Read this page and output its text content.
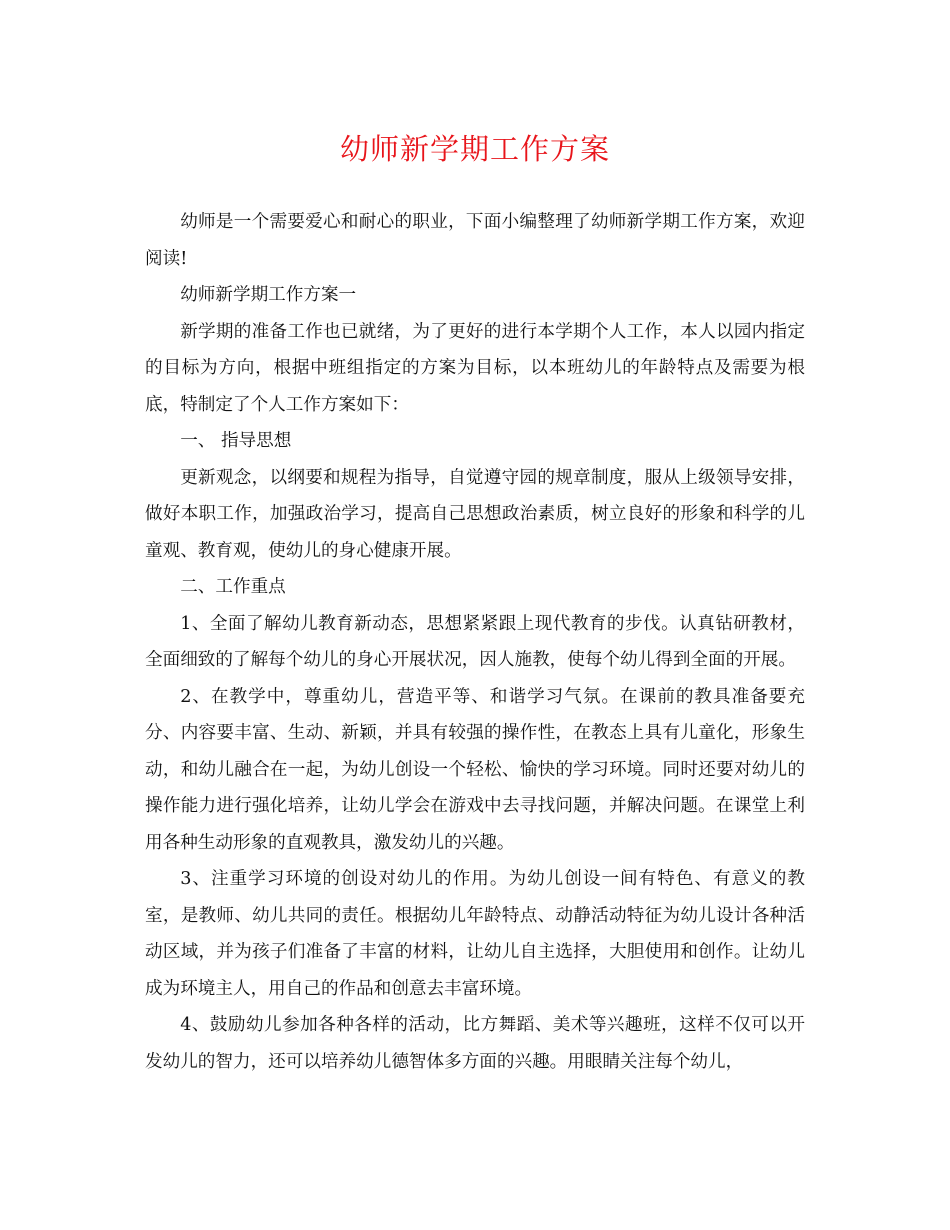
幼师新学期工作方案

幼师是一个需要爱心和耐心的职业，下面小编整理了幼师新学期工作方案，欢迎阅读!

幼师新学期工作方案一

新学期的准备工作也已就绪，为了更好的进行本学期个人工作，本人以园内指定的目标为方向，根据中班组指定的方案为目标，以本班幼儿的年龄特点及需要为根底，特制定了个人工作方案如下：

一、 指导思想

更新观念，以纲要和规程为指导，自觉遵守园的规章制度，服从上级领导安排，做好本职工作，加强政治学习，提高自己思想政治素质，树立良好的形象和科学的儿童观、教育观，使幼儿的身心健康开展。

二、工作重点

1、全面了解幼儿教育新动态，思想紧紧跟上现代教育的步伐。认真钻研教材，全面细致的了解每个幼儿的身心开展状况，因人施教，使每个幼儿得到全面的开展。

2、在教学中，尊重幼儿，营造平等、和谐学习气氛。在课前的教具准备要充分、内容要丰富、生动、新颖，并具有较强的操作性，在教态上具有儿童化，形象生动，和幼儿融合在一起，为幼儿创设一个轻松、愉快的学习环境。同时还要对幼儿的操作能力进行强化培养，让幼儿学会在游戏中去寻找问题，并解决问题。在课堂上利用各种生动形象的直观教具，激发幼儿的兴趣。

3、注重学习环境的创设对幼儿的作用。为幼儿创设一间有特色、有意义的教室，是教师、幼儿共同的责任。根据幼儿年龄特点、动静活动特征为幼儿设计各种活动区域，并为孩子们准备了丰富的材料，让幼儿自主选择，大胆使用和创作。让幼儿成为环境主人，用自己的作品和创意去丰富环境。

4、鼓励幼儿参加各种各样的活动，比方舞蹈、美术等兴趣班，这样不仅可以开发幼儿的智力，还可以培养幼儿德智体多方面的兴趣。用眼睛关注每个幼儿，
